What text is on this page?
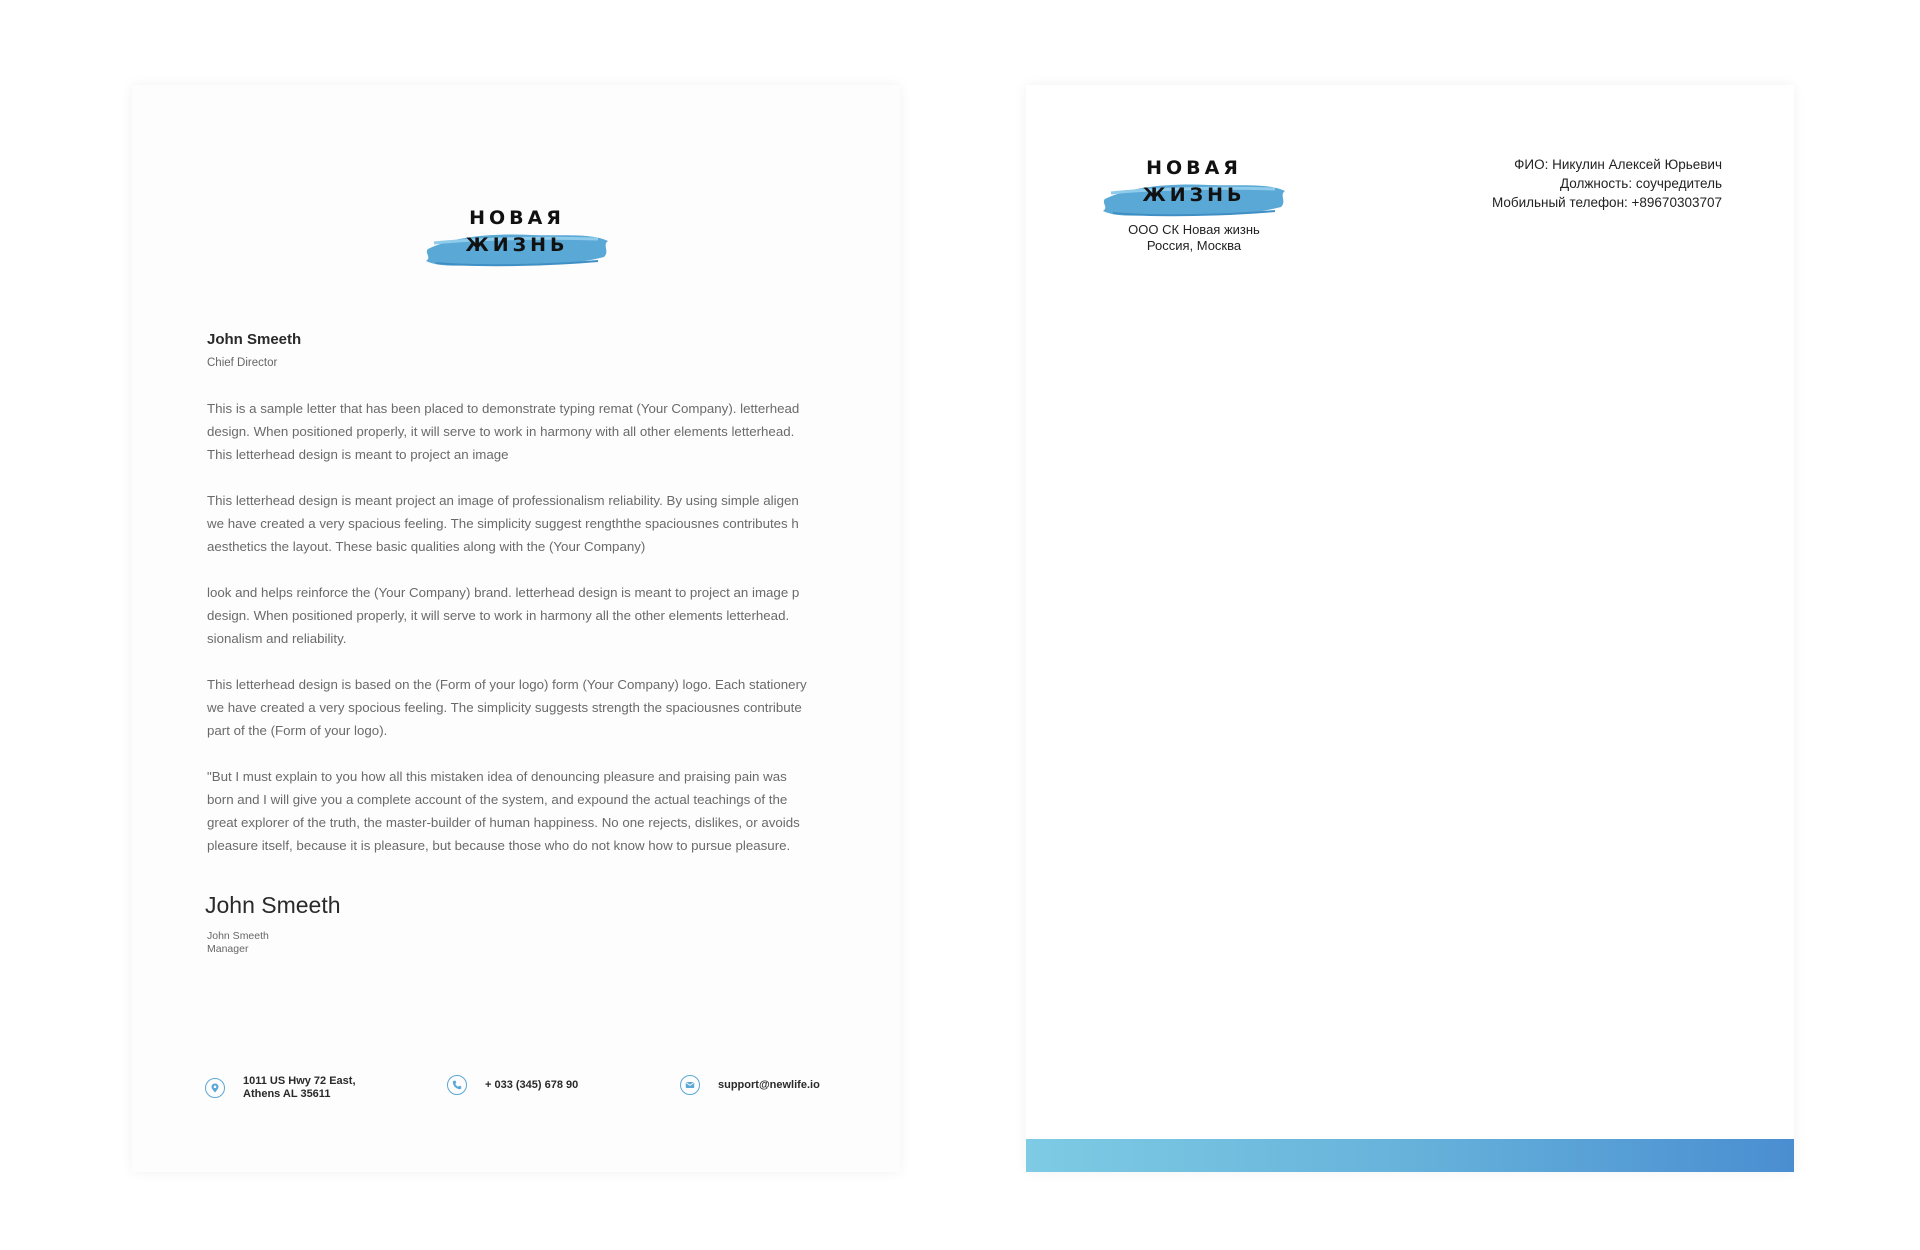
НОВАЯ
ЖИЗНЬ
John Smeeth
Chief Director
This is a sample letter that has been placed to demonstrate typing remat (Your Company). letterhead
design. When positioned properly, it will serve to work in harmony with all other elements letterhead.
This letterhead design is meant to project an image
This letterhead design is meant project an image of professionalism reliability. By using simple aligen
we have created a very spacious feeling. The simplicity suggest rengththe spaciousnes contributes h
aesthetics the layout. These basic qualities along with the (Your Company)
look and helps reinforce the (Your Company) brand. letterhead design is meant to project an image p
design. When positioned properly, it will serve to work in harmony all the other elements letterhead.
sionalism and reliability.
This letterhead design is based on the (Form of your logo) form (Your Company) logo. Each stationery
we have created a very spocious feeling. The simplicity suggests strength the spaciousnes contribute
part of the (Form of your logo).
"But I must explain to you how all this mistaken idea of denouncing pleasure and praising pain was
born and I will give you a complete account of the system, and expound the actual teachings of the
great explorer of the truth, the master-builder of human happiness. No one rejects, dislikes, or avoids
pleasure itself, because it is pleasure, but because those who do not know how to pursue pleasure.
John Smeeth
John Smeeth
Manager
1011 US Hwy 72 East,
Athens AL 35611
+ 033 (345) 678 90	support@newlife.io
НОВАЯ
ЖИЗНЬ
ООО СК Новая жизнь
Россия, Москва
ФИО: Никулин Алексей Юрьевич
Должность: соучредитель
Мобильный телефон: +89670303707
